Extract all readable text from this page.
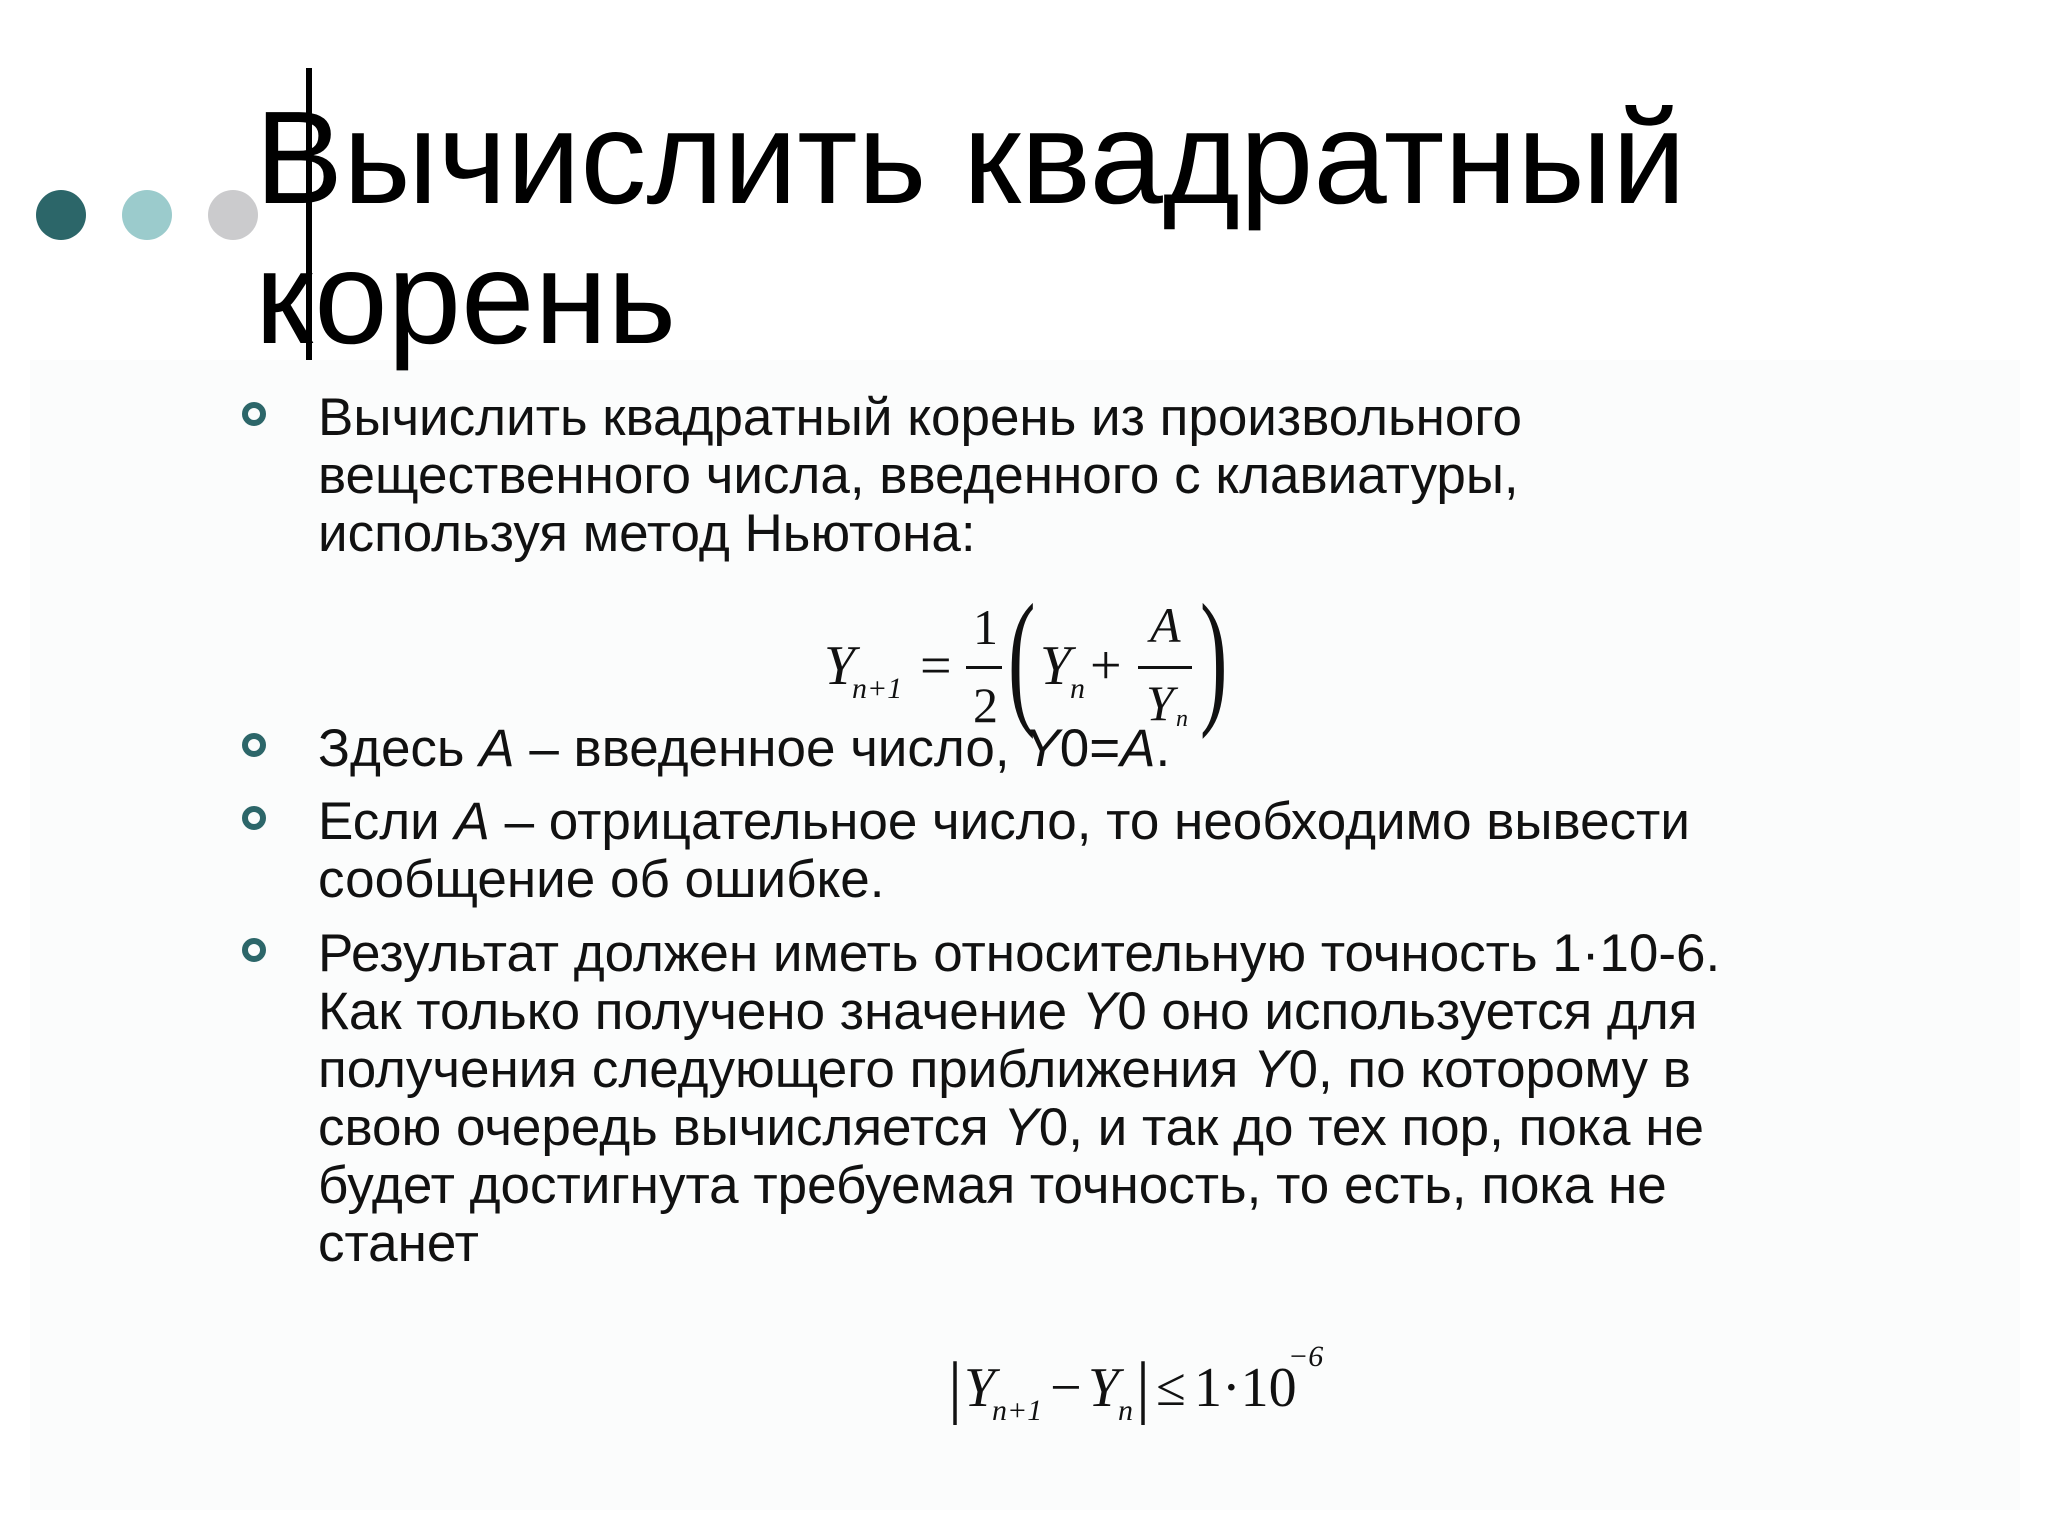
Вычислить квадратный
корень
Вычислить квадратный корень из произвольного
вещественного числа, введенного с клавиатуры,
используя метод Ньютона:
Y
n+1 =
1
2 ( Y
n +
A
Y n )
Здесь A – введенное число, Y0=A.
Если A – отрицательное число, то необходимо вывести
сообщение об ошибке.
Результат должен иметь относительную точность 1·10-6.
Как только получено значение Y0 оно используется для
получения следующего приближения Y0, по которому в
свою очередь вычисляется Y0, и так до тех пор, пока не
будет достигнута требуемая точность, то есть, пока не
станет
| Y
n+1 − Y
n | ≤ 1·10
−6
